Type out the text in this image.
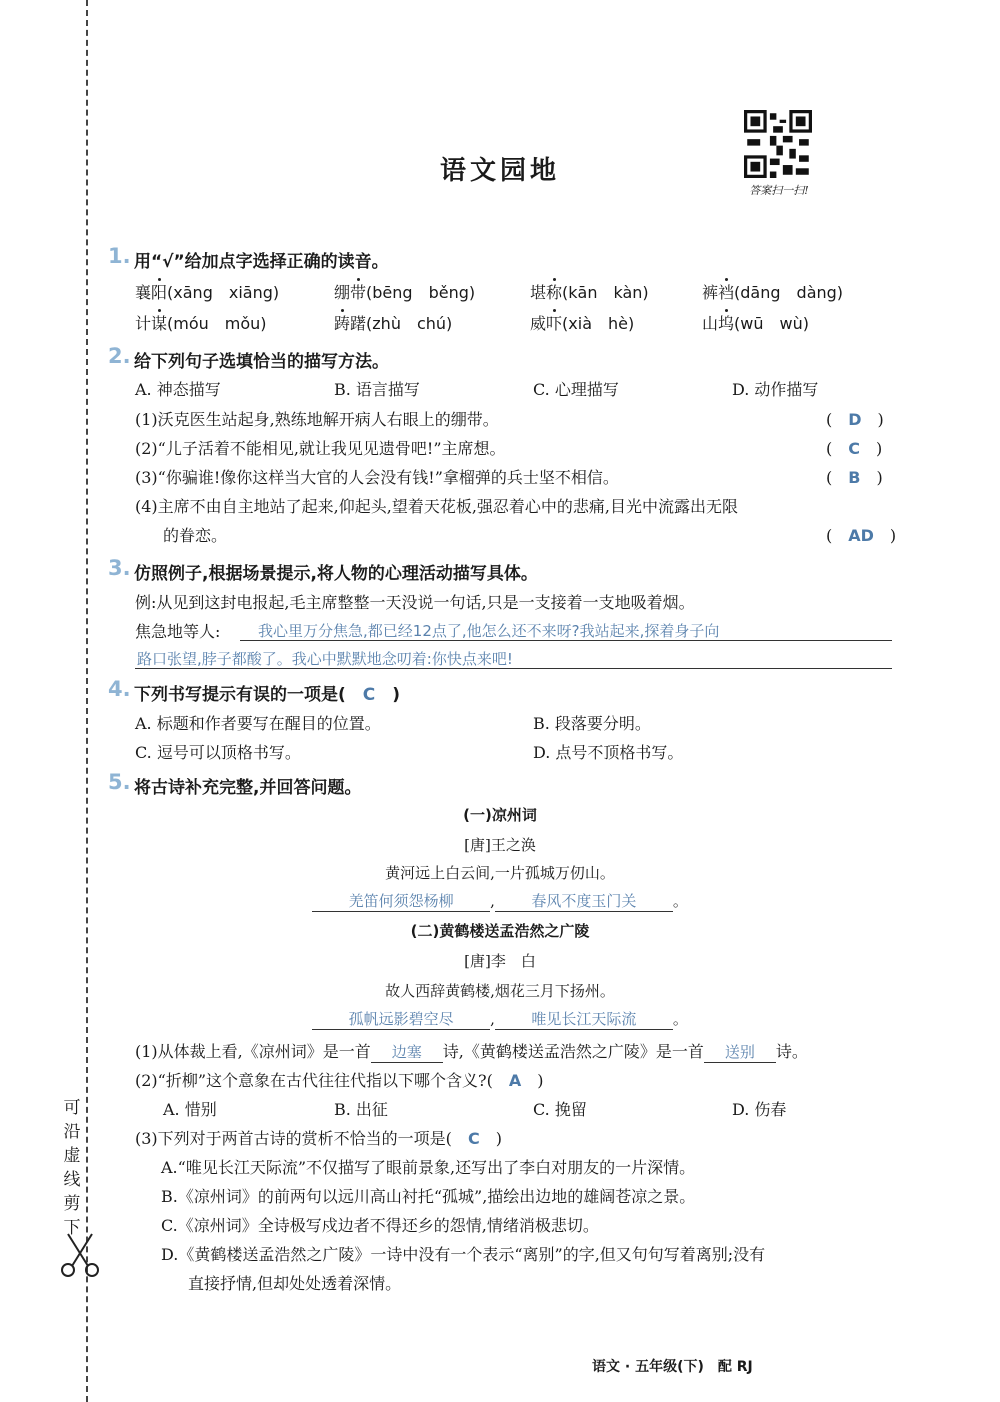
可沿虚线剪下
语文园地
答案扫一扫!
1. 用“√”给加点字选择正确的读音。
襄阳(xāng　xiāng)	绷带(bēng　běng)	堪称(kān　kàn)	裤裆(dāng　dàng)
计谋(móu　mǒu)	踌躇(zhù　chú)	威吓(xià　hè)	山坞(wū　wù)
2. 给下列句子选填恰当的描写方法。
A. 神态描写	B. 语言描写	C. 心理描写	D. 动作描写
(1)沃克医生站起身,熟练地解开病人右眼上的绷带。	(　D　)
(2)“儿子活着不能相见,就让我见见遗骨吧!”主席想。	(　C　)
(3)“你骗谁!像你这样当大官的人会没有钱!”拿榴弹的兵士坚不相信。	(　B　)
(4)主席不由自主地站了起来,仰起头,望着天花板,强忍着心中的悲痛,目光中流露出无限
的眷恋。	(　AD　)
3. 仿照例子,根据场景提示,将人物的心理活动描写具体。
例:从见到这封电报起,毛主席整整一天没说一句话,只是一支接着一支地吸着烟。
焦急地等人:	我心里万分焦急,都已经12点了,他怎么还不来呀?我站起来,探着身子向
路口张望,脖子都酸了。我心中默默地念叨着:你快点来吧!
4. 下列书写提示有误的一项是(　 C　 )
A. 标题和作者要写在醒目的位置。	B. 段落要分明。
C. 逗号可以顶格书写。	D. 点号不顶格书写。
5. 将古诗补充完整,并回答问题。
(一)凉州词
[唐]王之涣
黄河远上白云间,一片孤城万仞山。
羌笛何须怨杨柳 , 春风不度玉门关 。
(二)黄鹤楼送孟浩然之广陵
[唐]李　白
故人西辞黄鹤楼,烟花三月下扬州。
孤帆远影碧空尽 , 唯见长江天际流 。
(1)从体裁上看,《凉州词》是一首 边塞 诗,《黄鹤楼送孟浩然之广陵》是一首 送别 诗。
(2)“折柳”这个意象在古代往往代指以下哪个含义?(　 A　 )
A. 惜别	B. 出征	C. 挽留	D. 伤春
(3)下列对于两首古诗的赏析不恰当的一项是(　 C　 )
A.“唯见长江天际流”不仅描写了眼前景象,还写出了李白对朋友的一片深情。
B.《凉州词》的前两句以远川高山衬托“孤城”,描绘出边地的雄阔苍凉之景。
C.《凉州词》全诗极写戍边者不得还乡的怨情,情绪消极悲切。
D.《黄鹤楼送孟浩然之广陵》一诗中没有一个表示“离别”的字,但又句句写着离别;没有
直接抒情,但却处处透着深情。
语文 · 五年级(下)　配 RJ
